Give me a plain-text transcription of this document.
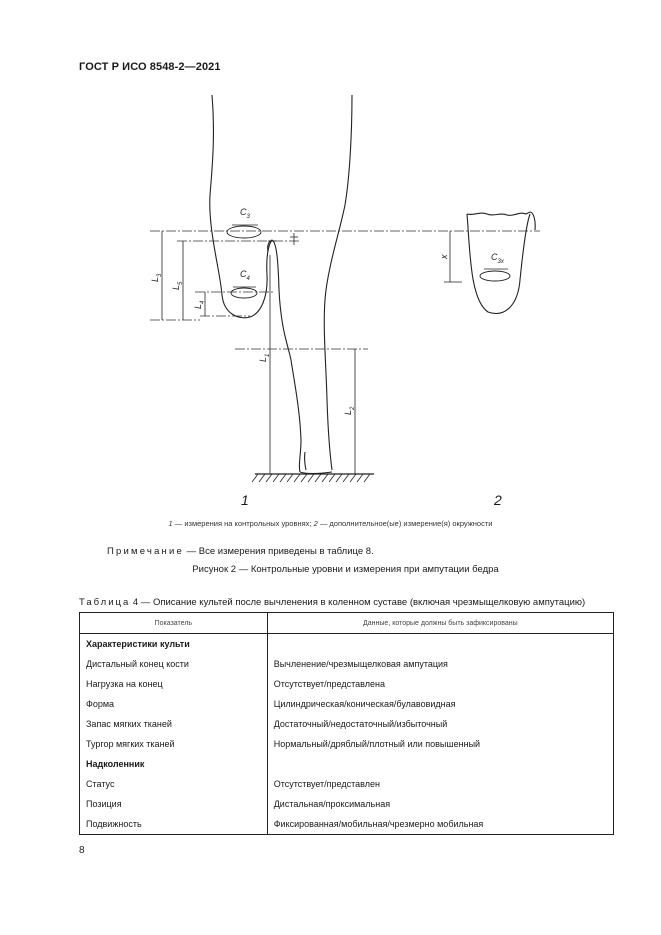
ГОСТ Р ИСО 8548-2—2021
$C_3$
$C_4$
$C_{3x}$
$L_3$
$L_5$
$L_4$
$L_1$
$L_2$
x
1	2
1 — измерения на контрольных уровнях; 2 — дополнительное(ые) измерение(я) окружности
Примечание — Все измерения приведены в таблице 8.
Рисунок 2 — Контрольные уровни и измерения при ампутации бедра
Таблица 4 — Описание культей после вычленения в коленном суставе (включая чрезмыщелковую ампутацию)
Показатель	Данные, которые должны быть зафиксированы
Характеристики культи	
Дистальный конец кости	Вычленение/чрезмыщелковая ампутация
Нагрузка на конец	Отсутствует/представлена
Форма	Цилиндрическая/коническая/булавовидная
Запас мягких тканей	Достаточный/недостаточный/избыточный
Тургор мягких тканей	Нормальный/дряблый/плотный или повышенный
Надколенник	
Статус	Отсутствует/представлен
Позиция	Дистальная/проксимальная
Подвижность	Фиксированная/мобильная/чрезмерно мобильная
8
